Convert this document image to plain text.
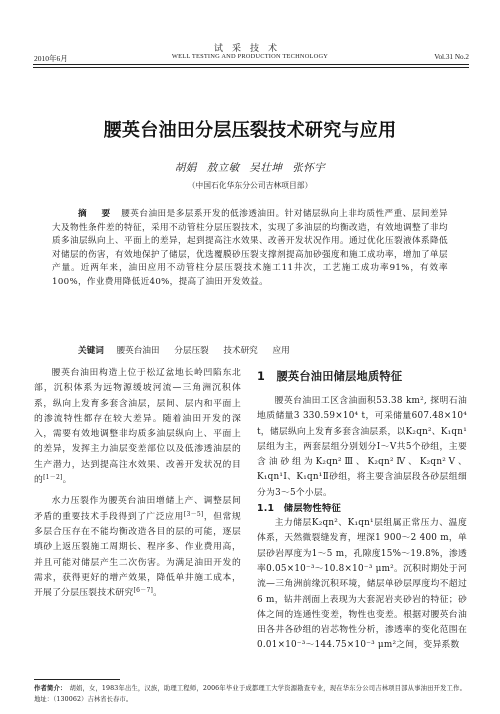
试采技术
2010年6月	WELL TESTING AND PRODUCTION TECHNOLOGY	Vol.31 No.2
腰英台油田分层压裂技术研究与应用
胡娟 敖立敏 吴壮坤 张怀宇
（中国石化华东分公司吉林项目部）
摘　要 腰英台油田是多层系开发的低渗透油田。针对储层纵向上非均质性严重、层间差异大及物性条件差的特征，采用不动管柱分层压裂技术，实现了多油层的均衡改造，有效地调整了非均质多油层纵向上、平面上的差异，起到提高注水效果、改善开发状况作用。通过优化压裂液体系降低对储层的伤害，有效地保护了储层，优选覆膜砂压裂支撑剂提高加砂强度和施工成功率，增加了单层产量。近两年来，油田应用不动管柱分层压裂技术施工11井次，工艺施工成功率91%，有效率100%，作业费用降低近40%，提高了油田开发效益。
关键词 腰英台油田 分层压裂 技术研究 应用

腰英台油田构造上位于松辽盆地长岭凹陷东北部，沉积体系为远物源缓坡河流—三角洲沉积体系，纵向上发育多套含油层，层间、层内和平面上的渗流特性都存在较大差异。随着油田开发的深入，需要有效地调整非均质多油层纵向上、平面上的差异，发挥主力油层变差部位以及低渗透油层的生产潜力，达到提高注水效果、改善开发状况的目的[1－2]。

水力压裂作为腰英台油田增储上产、调整层间矛盾的重要技术手段得到了广泛应用[3－5]，但常规多层合压存在不能均衡改造各目的层的可能，逐层填砂上返压裂施工周期长、程序多、作业费用高，并且可能对储层产生二次伤害。为满足油田开发的需求，获得更好的增产效果，降低单井施工成本，开展了分层压裂技术研究[6－7]。

1　腰英台油田储层地质特征

腰英台油田工区含油面积53.38 km², 探明石油地质储量3 330.59×10⁴ t，可采储量607.48×10⁴ t，储层纵向上发育多套含油层系，以K₂qn²、K₁qn¹层组为主，两套层组分别划分Ⅰ～Ⅴ共5个砂组，主要含油砂组为K₂qn²Ⅲ、K₂qn²Ⅳ、K₂qn²Ⅴ、K₁qn¹Ⅰ、K₁qn¹Ⅱ砂组，将主要含油层段各砂层组细分为3～5个小层。

1.1　储层物性特征

主力储层K₂qn²、K₁qn¹层组属正常压力、温度体系，天然微裂缝发育，埋深1 900～2 400 m，单层砂岩厚度为1～5 m，孔隙度15%～19.8%，渗透率0.05×10⁻³～10.8×10⁻³ μm²。沉积时期处于河流—三角洲前缘沉积环境，储层单砂层厚度均不超过6 m，钻井剖面上表现为大套泥岩夹砂岩的特征；砂体之间的连通性变差，物性也变差。根据对腰英台油田各井各砂组的岩芯物性分析，渗透率的变化范围在0.01×10⁻³～144.75×10⁻³ μm²之间，变异系数

作者简介： 胡娟，女，1983年出生，汉族，助理工程师，2006年毕业于成都理工大学资源勘查专业，现在华东分公司吉林项目部从事油田开发工作。地址：（130062）吉林省长春市。
